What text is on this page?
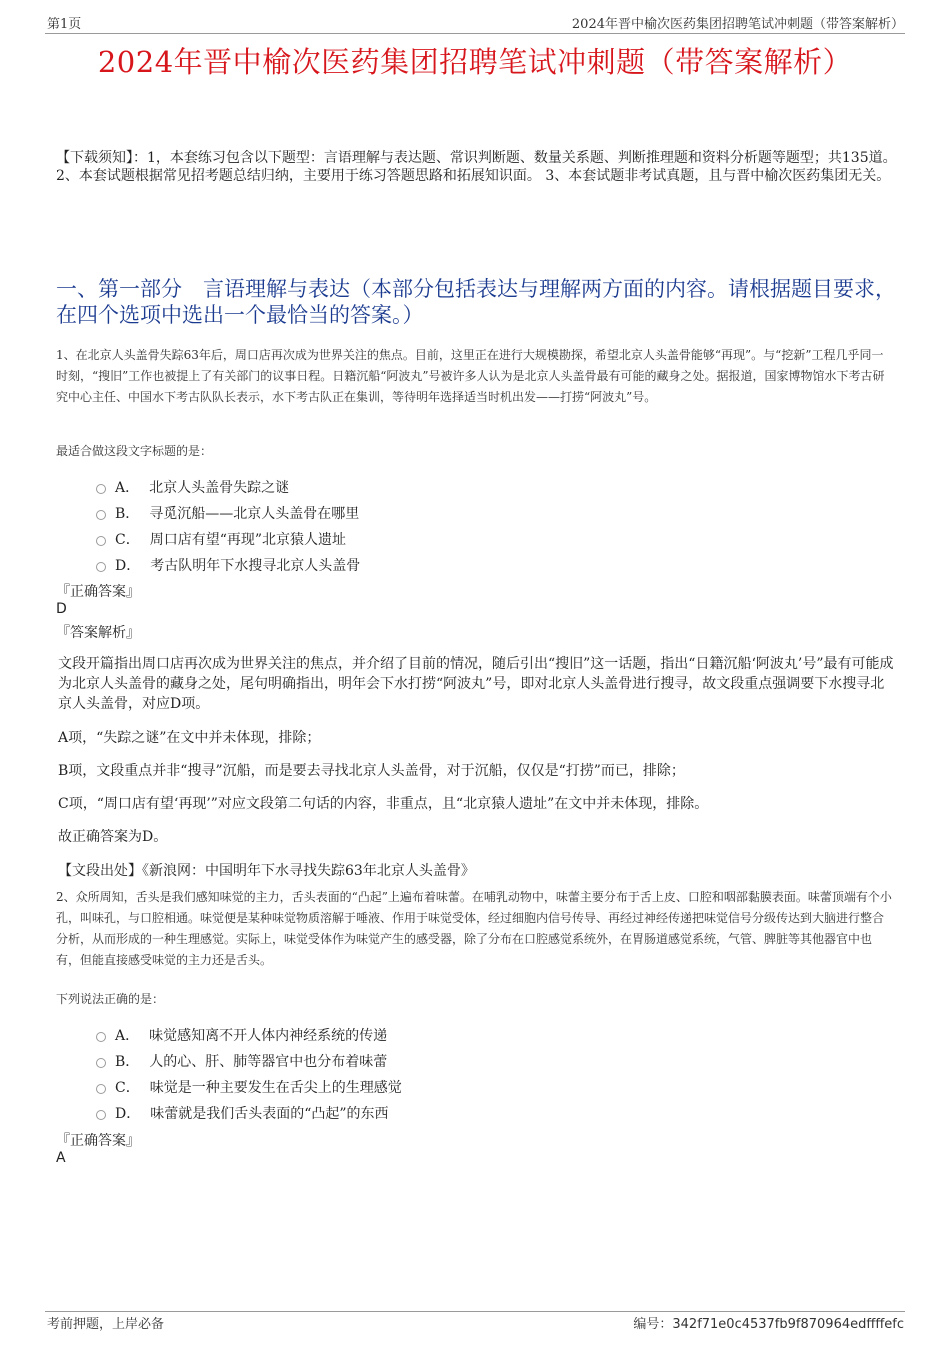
第1页	2024年晋中榆次医药集团招聘笔试冲刺题（带答案解析）
2024年晋中榆次医药集团招聘笔试冲刺题（带答案解析）
【下载须知】：1，本套练习包含以下题型：言语理解与表达题、常识判断题、数量关系题、判断推理题和资料分析题等题型；共135道。 2、本套试题根据常见招考题总结归纳，主要用于练习答题思路和拓展知识面。 3、本套试题非考试真题，且与晋中榆次医药集团无关。
一、第一部分　言语理解与表达（本部分包括表达与理解两方面的内容。请根据题目要求，在四个选项中选出一个最恰当的答案。）
1、在北京人头盖骨失踪63年后，周口店再次成为世界关注的焦点。目前，这里正在进行大规模勘探，希望北京人头盖骨能够“再现”。与“挖新”工程几乎同一时刻，“搜旧”工作也被提上了有关部门的议事日程。日籍沉船“阿波丸”号被许多人认为是北京人头盖骨最有可能的藏身之处。据报道，国家博物馆水下考古研究中心主任、中国水下考古队队长表示，水下考古队正在集训，等待明年选择适当时机出发——打捞“阿波丸”号。
最适合做这段文字标题的是：
A． 北京人头盖骨失踪之谜
B． 寻觅沉船——北京人头盖骨在哪里
C． 周口店有望“再现”北京猿人遗址
D． 考古队明年下水搜寻北京人头盖骨
『正确答案』
D
『答案解析』
文段开篇指出周口店再次成为世界关注的焦点，并介绍了目前的情况，随后引出“搜旧”这一话题，指出“日籍沉船‘阿波丸’号”最有可能成为北京人头盖骨的藏身之处，尾句明确指出，明年会下水打捞“阿波丸”号，即对北京人头盖骨进行搜寻，故文段重点强调要下水搜寻北京人头盖骨，对应D项。
A项，“失踪之谜”在文中并未体现，排除；
B项，文段重点并非“搜寻”沉船，而是要去寻找北京人头盖骨，对于沉船，仅仅是“打捞”而已，排除；
C项，“周口店有望‘再现’”对应文段第二句话的内容，非重点，且“北京猿人遗址”在文中并未体现，排除。
故正确答案为D。
【文段出处】《新浪网：中国明年下水寻找失踪63年北京人头盖骨》
2、众所周知，舌头是我们感知味觉的主力，舌头表面的“凸起”上遍布着味蕾。在哺乳动物中，味蕾主要分布于舌上皮、口腔和咽部黏膜表面。味蕾顶端有个小孔，叫味孔，与口腔相通。味觉便是某种味觉物质溶解于唾液、作用于味觉受体，经过细胞内信号传导、再经过神经传递把味觉信号分级传达到大脑进行整合分析，从而形成的一种生理感觉。实际上，味觉受体作为味觉产生的感受器，除了分布在口腔感觉系统外，在胃肠道感觉系统，气管、脾脏等其他器官中也有，但能直接感受味觉的主力还是舌头。
下列说法正确的是：
A． 味觉感知离不开人体内神经系统的传递
B． 人的心、肝、肺等器官中也分布着味蕾
C． 味觉是一种主要发生在舌尖上的生理感觉
D． 味蕾就是我们舌头表面的“凸起”的东西
『正确答案』
A
考前押题，上岸必备	编号：342f71e0c4537fb9f870964edffffefc
